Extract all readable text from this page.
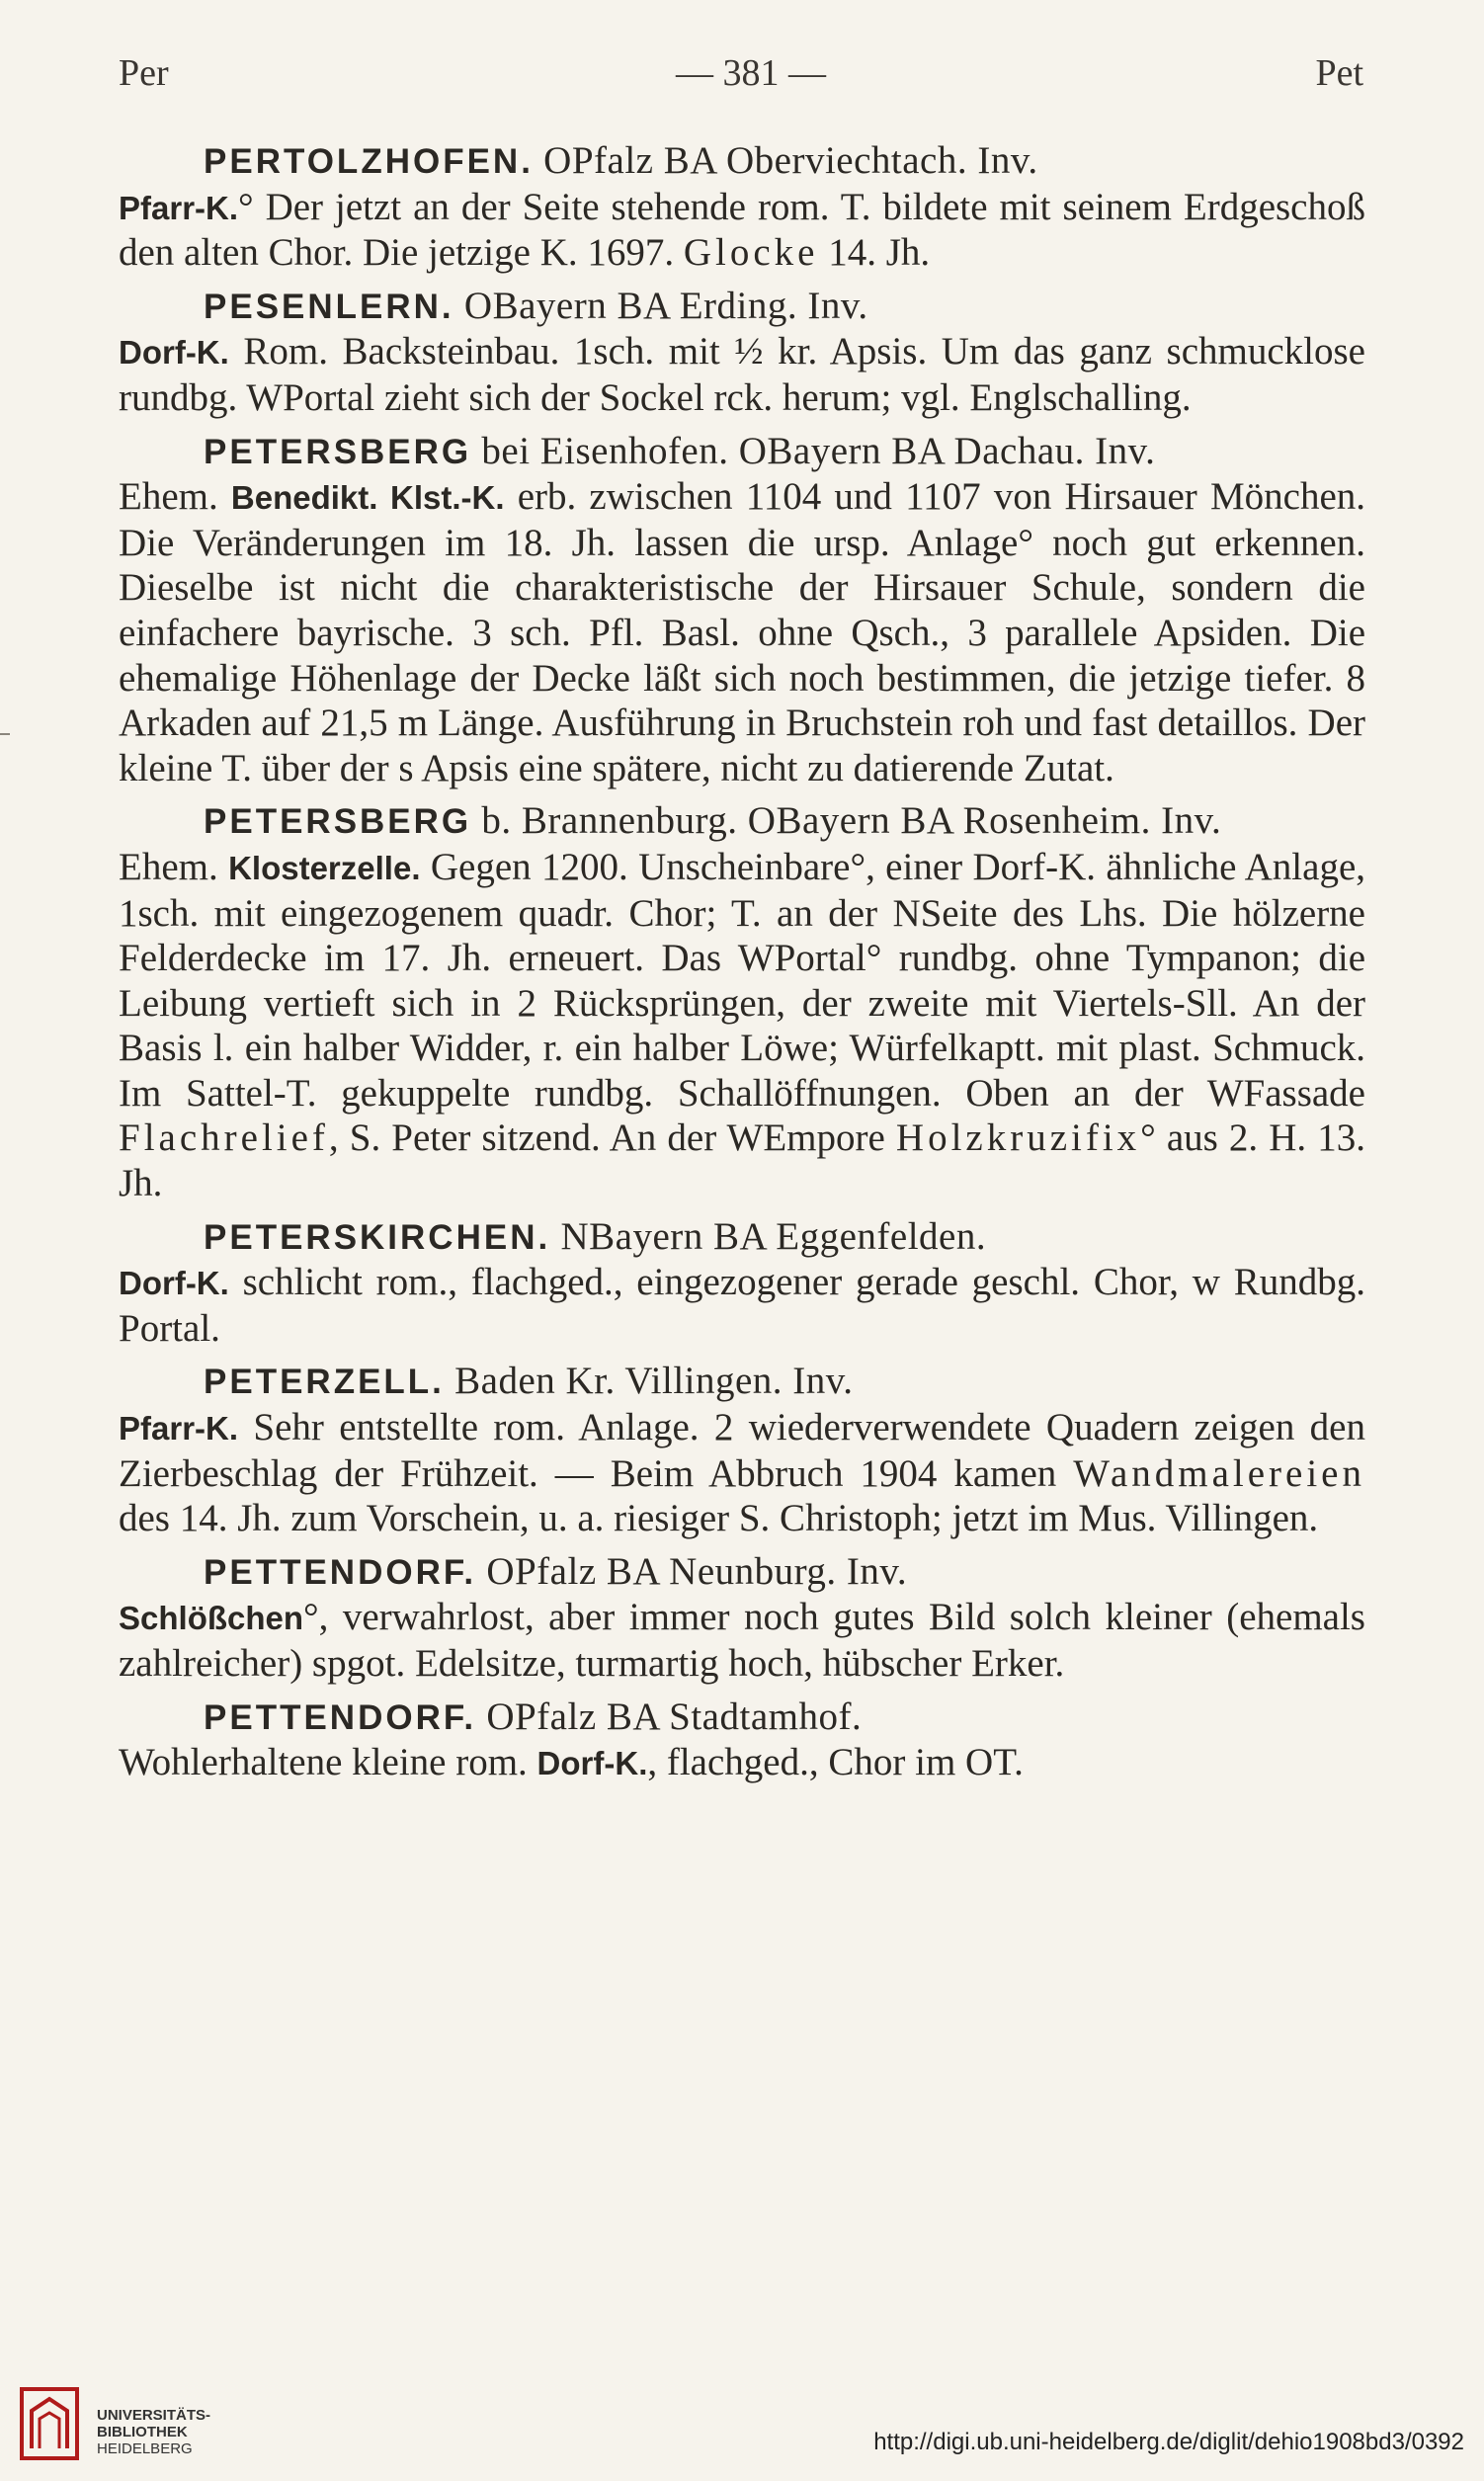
Per	— 381 —	Pet
PERTOLZHOFEN. OPfalz BA Oberviechtach. Inv.
Pfarr-K.° Der jetzt an der Seite stehende rom. T. bildete mit seinem Erdgeschoß den alten Chor. Die jetzige K. 1697. Glocke 14. Jh.
PESENLERN. OBayern BA Erding. Inv.
Dorf-K. Rom. Backsteinbau. 1sch. mit ½ kr. Apsis. Um das ganz schmucklose rundbg. WPortal zieht sich der Sockel rck. herum; vgl. Englschalling.
PETERSBERG bei Eisenhofen. OBayern BA Dachau. Inv.
Ehem. Benedikt. Klst.-K. erb. zwischen 1104 und 1107 von Hirsauer Mönchen. Die Veränderungen im 18. Jh. lassen die ursp. Anlage° noch gut erkennen. Dieselbe ist nicht die charakteristische der Hirsauer Schule, sondern die einfachere bayrische. 3 sch. Pfl. Basl. ohne Qsch., 3 parallele Apsiden. Die ehemalige Höhenlage der Decke läßt sich noch bestimmen, die jetzige tiefer. 8 Arkaden auf 21,5 m Länge. Ausführung in Bruchstein roh und fast detaillos. Der kleine T. über der s Apsis eine spätere, nicht zu datierende Zutat.
PETERSBERG b. Brannenburg. OBayern BA Rosenheim. Inv.
Ehem. Klosterzelle. Gegen 1200. Unscheinbare°, einer Dorf-K. ähnliche Anlage, 1sch. mit eingezogenem quadr. Chor; T. an der NSeite des Lhs. Die hölzerne Felderdecke im 17. Jh. erneuert. Das WPortal° rundbg. ohne Tympanon; die Leibung vertieft sich in 2 Rücksprüngen, der zweite mit Viertels-Sll. An der Basis l. ein halber Widder, r. ein halber Löwe; Würfelkaptt. mit plast. Schmuck. Im Sattel-T. gekuppelte rundbg. Schallöffnungen. Oben an der WFassade Flachrelief, S. Peter sitzend. An der WEmpore Holzkruzifix° aus 2. H. 13. Jh.
PETERSKIRCHEN. NBayern BA Eggenfelden.
Dorf-K. schlicht rom., flachged., eingezogener gerade geschl. Chor, w Rundbg. Portal.
PETERZELL. Baden Kr. Villingen. Inv.
Pfarr-K. Sehr entstellte rom. Anlage. 2 wiederverwendete Quadern zeigen den Zierbeschlag der Frühzeit. — Beim Abbruch 1904 kamen Wandmalereien des 14. Jh. zum Vorschein, u. a. riesiger S. Christoph; jetzt im Mus. Villingen.
PETTENDORF. OPfalz BA Neunburg. Inv.
Schlößchen°, verwahrlost, aber immer noch gutes Bild solch kleiner (ehemals zahlreicher) spgot. Edelsitze, turmartig hoch, hübscher Erker.
PETTENDORF. OPfalz BA Stadtamhof.
Wohlerhaltene kleine rom. Dorf-K., flachged., Chor im OT.
UNIVERSITÄTS-
BIBLIOTHEK
HEIDELBERG	http://digi.ub.uni-heidelberg.de/diglit/dehio1908bd3/0392
